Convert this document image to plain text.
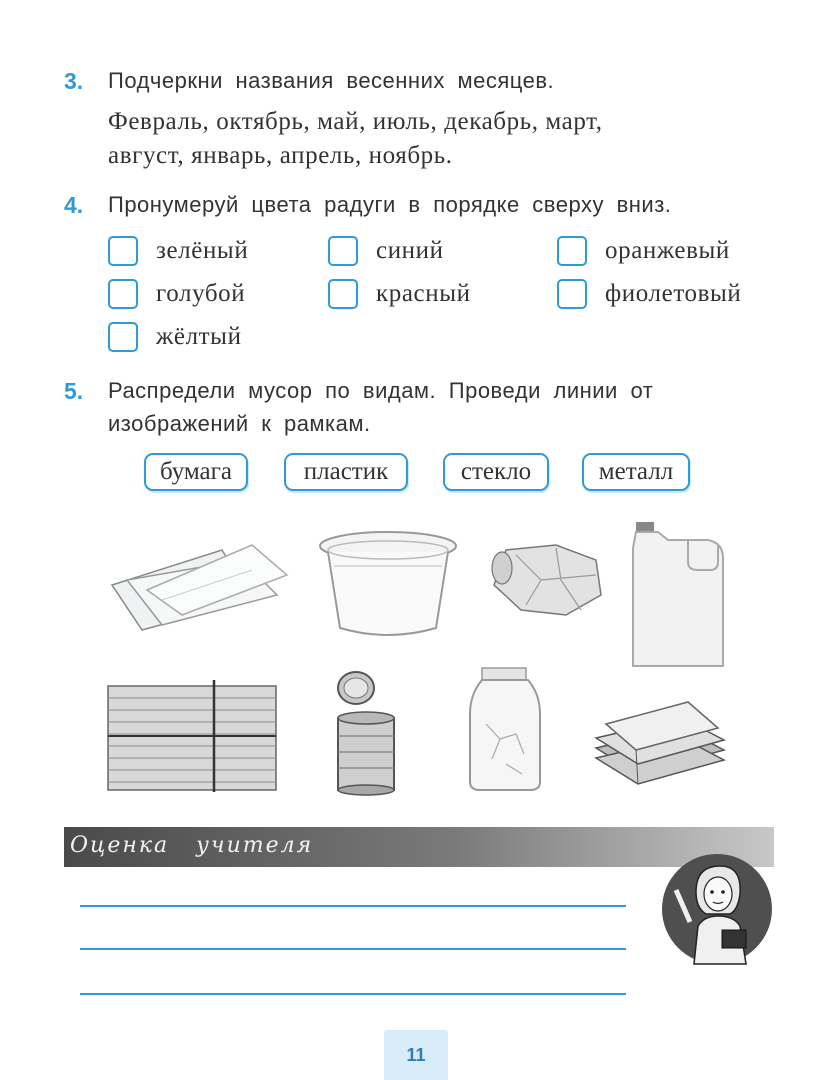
3. Подчеркни названия весенних месяцев.
Февраль, октябрь, май, июль, декабрь, март,
август, январь, апрель, ноябрь.
4. Пронумеруй цвета радуги в порядке сверху вниз.
зелёный	синий	оранжевый
голубой	красный	фиолетовый
жёлтый
5. Распредели мусор по видам. Проведи линии от
изображений к рамкам.
бумага	пластик	стекло	металл
Оценка учителя
11
